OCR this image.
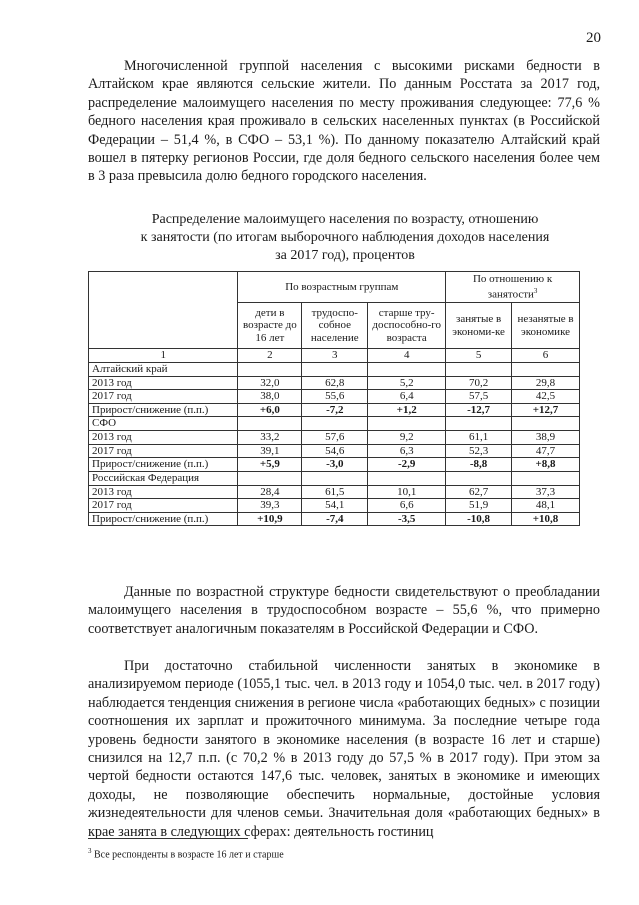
20

Многочисленной группой населения с высокими рисками бедности в Алтайском крае являются сельские жители. По данным Росстата за 2017 год, распределение малоимущего населения по месту проживания следующее: 77,6 % бедного населения края проживало в сельских населенных пунктах (в Российской Федерации – 51,4 %, в СФО – 53,1 %). По данному показателю Алтайский край вошел в пятерку регионов России, где доля бедного сельского населения более чем в 3 раза превысила долю бедного городского населения.

Распределение малоимущего населения по возрасту, отношению
к занятости (по итогам выборочного наблюдения доходов населения
за 2017 год), процентов

	По возрастным группам			По отношению к занятости$^3$
	дети в возрасте до 16 лет	трудоспо-собное население	старше тру-доспособно-го возраста	занятые в экономи-ке	незанятые в экономике
1	2	3	4	5	6
Алтайский край					
2013 год	32,0	62,8	5,2	70,2	29,8
2017 год	38,0	55,6	6,4	57,5	42,5
Прирост/снижение (п.п.)	+6,0	-7,2	+1,2	-12,7	+12,7
СФО					
2013 год	33,2	57,6	9,2	61,1	38,9
2017 год	39,1	54,6	6,3	52,3	47,7
Прирост/снижение (п.п.)	+5,9	-3,0	-2,9	-8,8	+8,8
Российская Федерация					
2013 год	28,4	61,5	10,1	62,7	37,3
2017 год	39,3	54,1	6,6	51,9	48,1
Прирост/снижение (п.п.)	+10,9	-7,4	-3,5	-10,8	+10,8

Данные по возрастной структуре бедности свидетельствуют о преобладании малоимущего населения в трудоспособном возрасте – 55,6 %, что примерно соответствует аналогичным показателям в Российской Федерации и СФО.

При достаточно стабильной численности занятых в экономике в анализируемом периоде (1055,1 тыс. чел. в 2013 году и 1054,0 тыс. чел. в 2017 году) наблюдается тенденция снижения в регионе числа «работающих бедных» с позиции соотношения их зарплат и прожиточного минимума. За последние четыре года уровень бедности занятого в экономике населения (в возрасте 16 лет и старше) снизился на 12,7 п.п. (с 70,2 % в 2013 году до 57,5 % в 2017 году). При этом за чертой бедности остаются 147,6 тыс. человек, занятых в экономике и имеющих доходы, не позволяющие обеспечить нормальные, достойные условия жизнедеятельности для членов семьи. Значительная доля «работающих бедных» в крае занята в следующих сферах: деятельность гостиниц

$^3$ Все респонденты в возрасте 16 лет и старше
